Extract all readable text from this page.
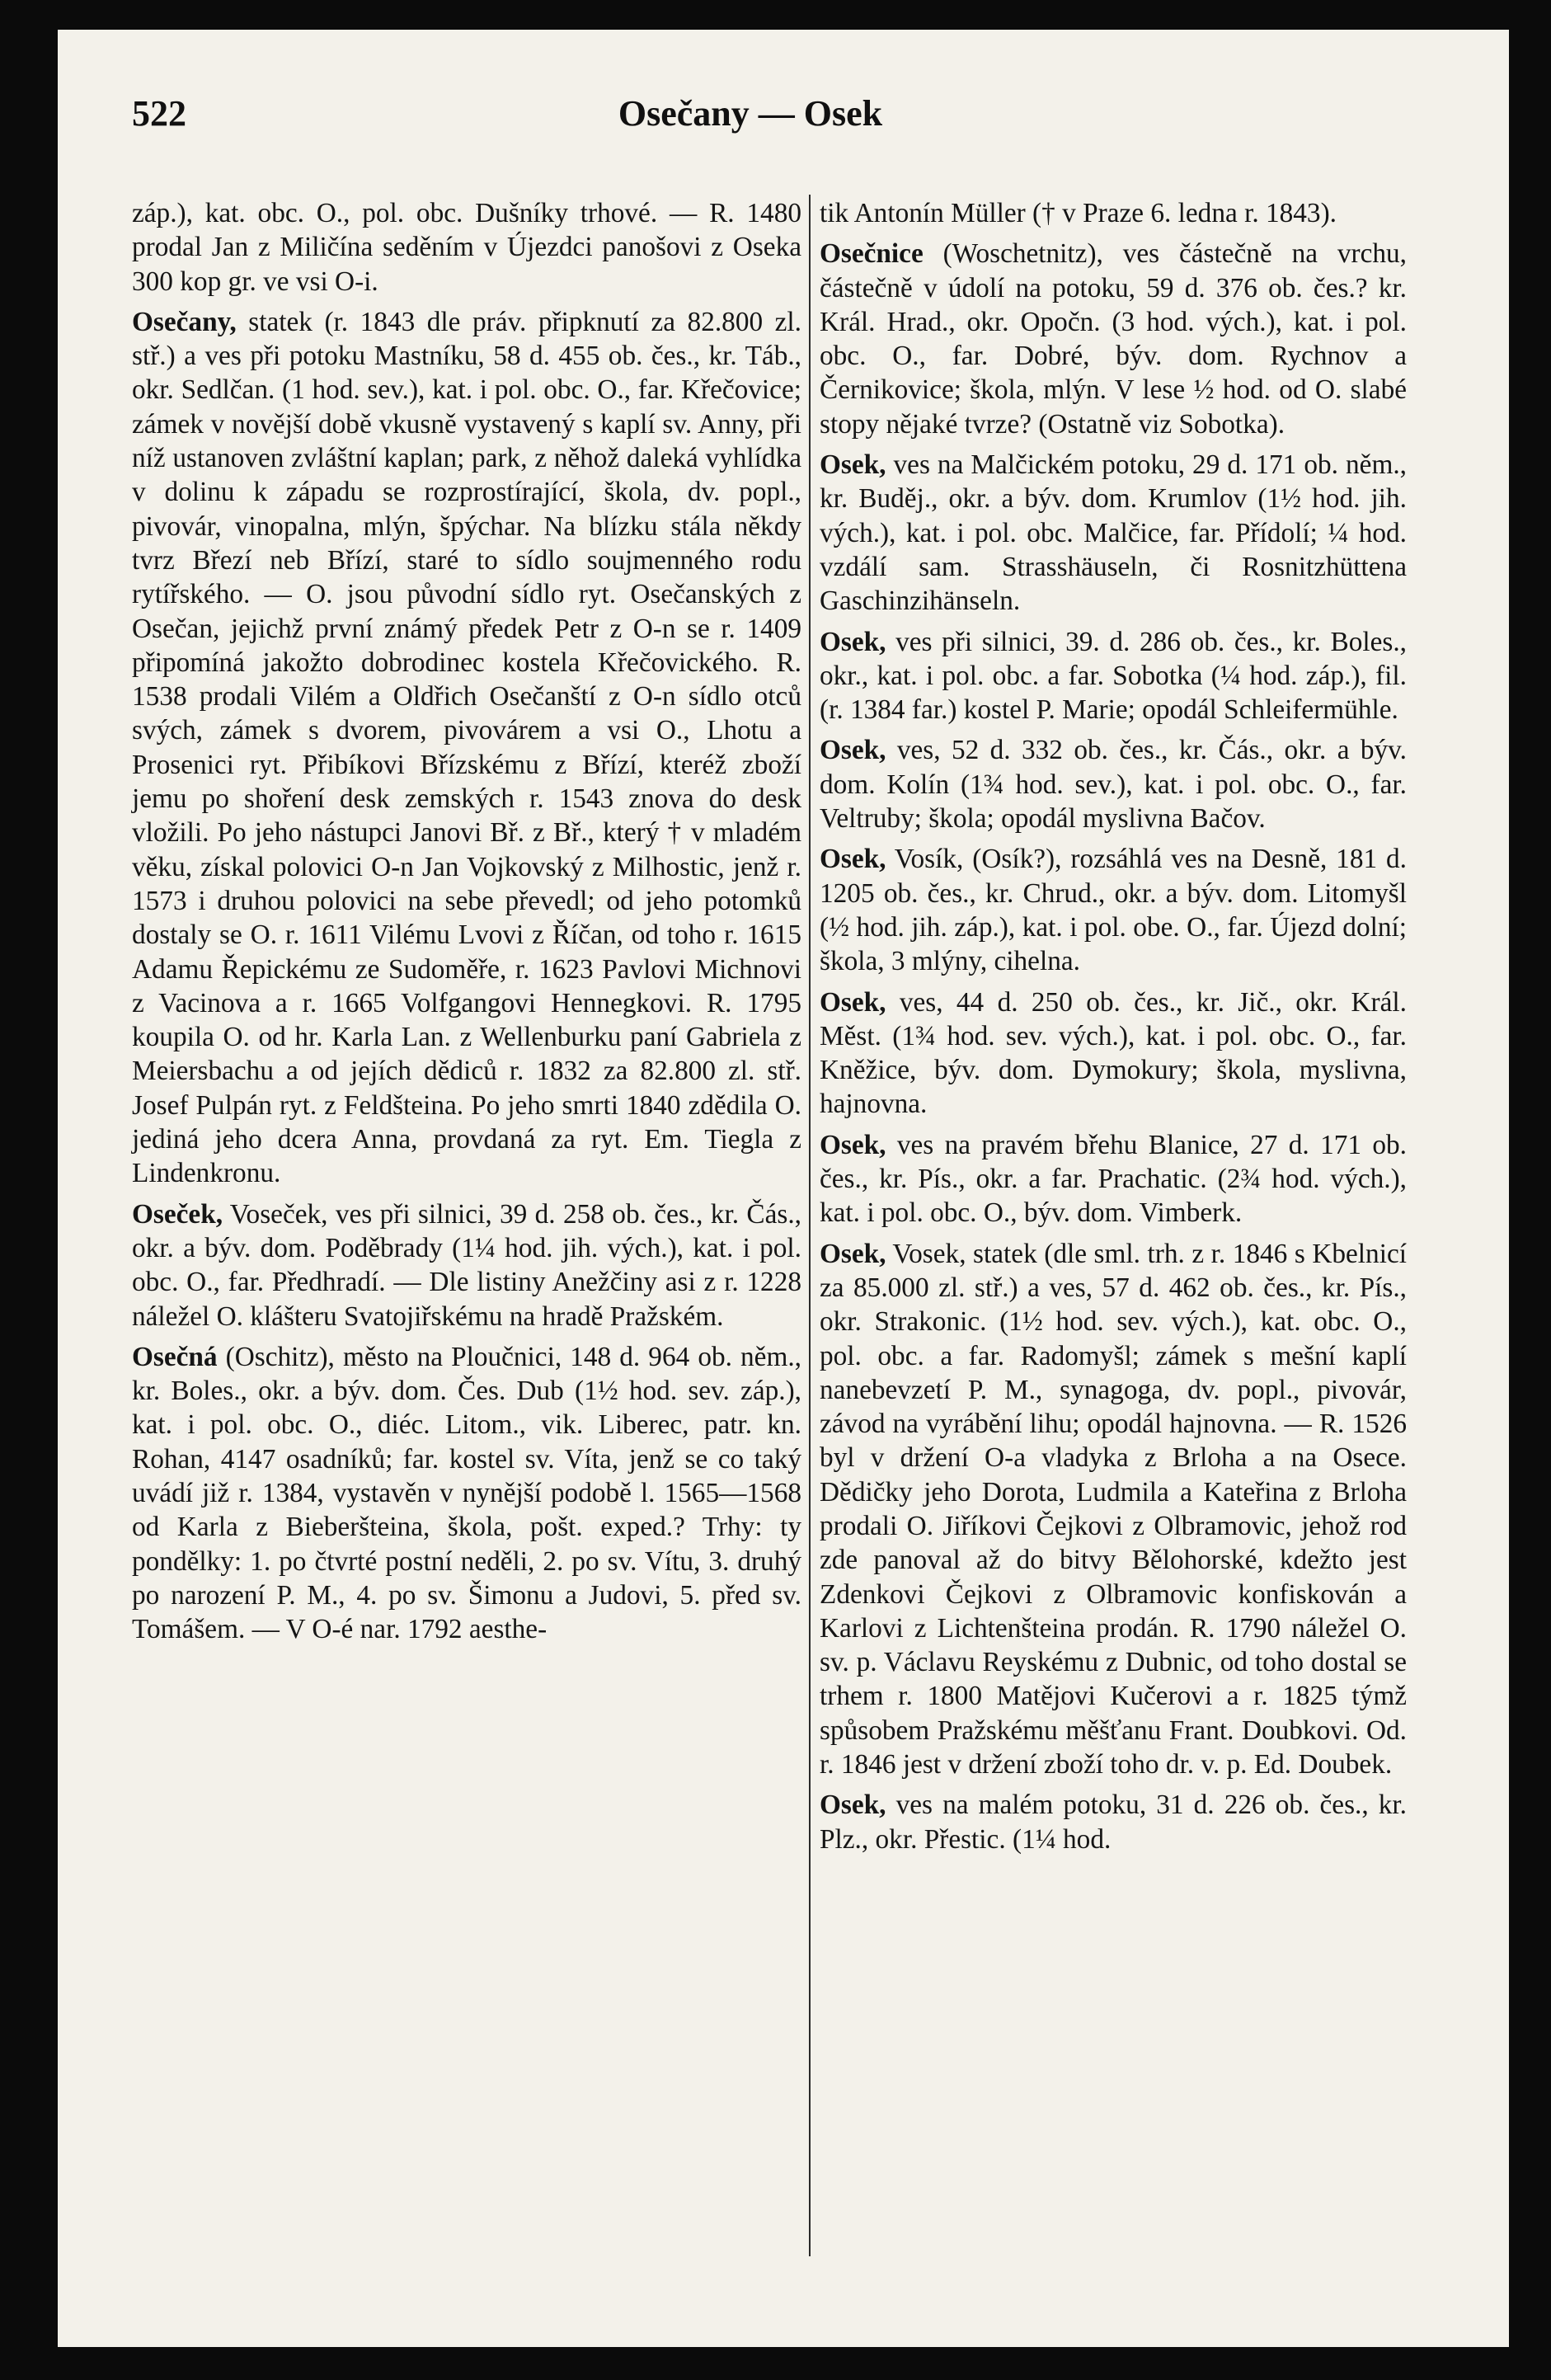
522	Osečany — Osek

záp.), kat. obc. O., pol. obc. Dušníky trhové. — R. 1480 prodal Jan z Miličína seděním v Újezdci panošovi z Oseka 300 kop gr. ve vsi O-i.

Osečany, statek (r. 1843 dle práv. připknutí za 82.800 zl. stř.) a ves při potoku Mastníku, 58 d. 455 ob. čes., kr. Táb., okr. Sedlčan. (1 hod. sev.), kat. i pol. obc. O., far. Křečovice; zámek v novější době vkusně vystavený s kaplí sv. Anny, při níž ustanoven zvláštní kaplan; park, z něhož daleká vyhlídka v dolinu k západu se rozprostírající, škola, dv. popl., pivovár, vinopalna, mlýn, špýchar. Na blízku stála někdy tvrz Březí neb Břízí, staré to sídlo soujmenného rodu rytířského. — O. jsou původní sídlo ryt. Osečanských z Osečan, jejichž první známý předek Petr z O-n se r. 1409 připomíná jakožto dobrodinec kostela Křečovického. R. 1538 prodali Vilém a Oldřich Osečanští z O-n sídlo otců svých, zámek s dvorem, pivovárem a vsi O., Lhotu a Prosenici ryt. Přibíkovi Břízskému z Břízí, kteréž zboží jemu po shoření desk zemských r. 1543 znova do desk vložili. Po jeho nástupci Janovi Bř. z Bř., který † v mladém věku, získal polovici O-n Jan Vojkovský z Milhostic, jenž r. 1573 i druhou polovici na sebe převedl; od jeho potomků dostaly se O. r. 1611 Vilému Lvovi z Říčan, od toho r. 1615 Adamu Řepickému ze Sudoměře, r. 1623 Pavlovi Michnovi z Vacinova a r. 1665 Volfgangovi Hennegkovi. R. 1795 koupila O. od hr. Karla Lan. z Wellenburku paní Gabriela z Meiersbachu a od jejích dědiců r. 1832 za 82.800 zl. stř. Josef Pulpán ryt. z Feldšteina. Po jeho smrti 1840 zdědila O. jediná jeho dcera Anna, provdaná za ryt. Em. Tiegla z Lindenkronu.

Oseček, Voseček, ves při silnici, 39 d. 258 ob. čes., kr. Čás., okr. a býv. dom. Poděbrady (1¼ hod. jih. vých.), kat. i pol. obc. O., far. Předhradí. — Dle listiny Anežčiny asi z r. 1228 náležel O. klášteru Svatojiřskému na hradě Pražském.

Osečná (Oschitz), město na Ploučnici, 148 d. 964 ob. něm., kr. Boles., okr. a býv. dom. Čes. Dub (1½ hod. sev. záp.), kat. i pol. obc. O., diéc. Litom., vik. Liberec, patr. kn. Rohan, 4147 osadníků; far. kostel sv. Víta, jenž se co taký uvádí již r. 1384, vystavěn v nynější podobě l. 1565—1568 od Karla z Bieberšteina, škola, pošt. exped.? Trhy: ty pondělky: 1. po čtvrté postní neděli, 2. po sv. Vítu, 3. druhý po narození P. M., 4. po sv. Šimonu a Judovi, 5. před sv. Tomášem. — V O-é nar. 1792 aesthe-

tik Antonín Müller († v Praze 6. ledna r. 1843).

Osečnice (Woschetnitz), ves částečně na vrchu, částečně v údolí na potoku, 59 d. 376 ob. čes.? kr. Král. Hrad., okr. Opočn. (3 hod. vých.), kat. i pol. obc. O., far. Dobré, býv. dom. Rychnov a Černikovice; škola, mlýn. V lese ½ hod. od O. slabé stopy nějaké tvrze? (Ostatně viz Sobotka).

Osek, ves na Malčickém potoku, 29 d. 171 ob. něm., kr. Buděj., okr. a býv. dom. Krumlov (1½ hod. jih. vých.), kat. i pol. obc. Malčice, far. Přídolí; ¼ hod. vzdálí sam. Strasshäuseln, či Rosnitzhüttenа Gaschinzihänseln.

Osek, ves při silnici, 39. d. 286 ob. čes., kr. Boles., okr., kat. i pol. obc. a far. Sobotka (¼ hod. záp.), fil. (r. 1384 far.) kostel P. Marie; opodál Schleifermühle.

Osek, ves, 52 d. 332 ob. čes., kr. Čás., okr. a býv. dom. Kolín (1¾ hod. sev.), kat. i pol. obc. O., far. Veltruby; škola; opodál myslivna Bačov.

Osek, Vosík, (Osík?), rozsáhlá ves na Desně, 181 d. 1205 ob. čes., kr. Chrud., okr. a býv. dom. Litomyšl (½ hod. jih. záp.), kat. i pol. obe. O., far. Újezd dolní; škola, 3 mlýny, cihelna.

Osek, ves, 44 d. 250 ob. čes., kr. Jič., okr. Král. Měst. (1¾ hod. sev. vých.), kat. i pol. obc. O., far. Kněžice, býv. dom. Dymokury; škola, myslivna, hajnovna.

Osek, ves na pravém břehu Blanice, 27 d. 171 ob. čes., kr. Pís., okr. a far. Prachatic. (2¾ hod. vých.), kat. i pol. obc. O., býv. dom. Vimberk.

Osek, Vosek, statek (dle sml. trh. z r. 1846 s Kbelnicí za 85.000 zl. stř.) a ves, 57 d. 462 ob. čes., kr. Pís., okr. Strakonic. (1½ hod. sev. vých.), kat. obc. O., pol. obc. a far. Radomyšl; zámek s mešní kaplí nanebevzetí P. M., synagoga, dv. popl., pivovár, závod na vyrábění lihu; opodál hajnovna. — R. 1526 byl v držení O-a vladyka z Brloha a na Osece. Dědičky jeho Dorota, Ludmila a Kateřina z Brloha prodali O. Jiříkovi Čejkovi z Olbramovic, jehož rod zde panoval až do bitvy Bělohorské, kdežto jest Zdenkovi Čejkovi z Olbramovic konfiskován a Karlovi z Lichtenšteina prodán. R. 1790 náležel O. sv. p. Václavu Reyskému z Dubnic, od toho dostal se trhem r. 1800 Matějovi Kučerovi a r. 1825 týmž spůsobem Pražskému měšťanu Frant. Doubkovi. Od. r. 1846 jest v držení zboží toho dr. v. p. Ed. Doubek.

Osek, ves na malém potoku, 31 d. 226 ob. čes., kr. Plz., okr. Přestic. (1¼ hod.
